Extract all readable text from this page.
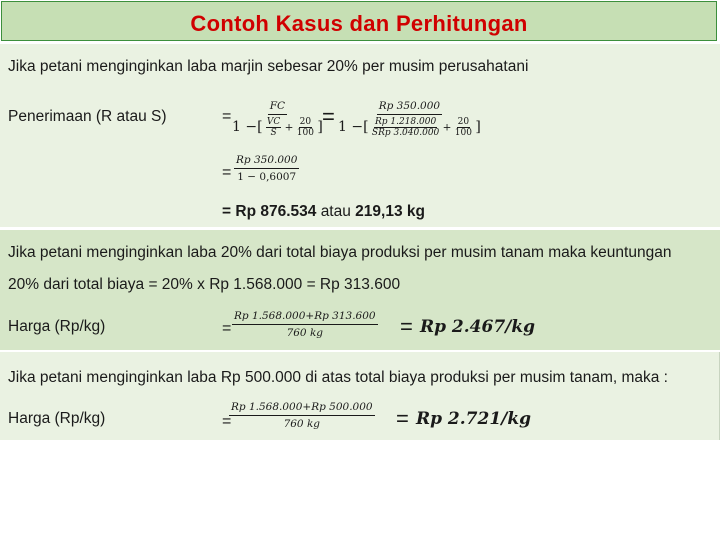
Contoh Kasus dan Perhitungan
Jika petani menginginkan laba marjin sebesar 20% per musim perusahatani
Penerimaan (R atau S)	=
FC
1 −[ $\frac{VC}{S} + \frac{20}{100}$ ] =	Rp 350.000
1 −[ $\frac{Rp 1.218.000}{\text{SRp 3.040.000}} + \frac{20}{100}$ ]
= $\frac{Rp 350.000}{1 - 0,6007}$
= Rp 876.534 atau 219,13 kg
Jika petani menginginkan laba 20% dari total biaya produksi per musim tanam maka keuntungan
20% dari total biaya = 20% x Rp 1.568.000 = Rp 313.600
Harga (Rp/kg)	= $\frac{Rp 1.568.000+Rp 313.600}{760 kg} = Rp$ 2.467/kg
Jika petani menginginkan laba Rp 500.000 di atas total biaya produksi per musim tanam, maka :
Harga (Rp/kg)	=
$\frac{Rp 1.568.000+Rp 500.000}{760 kg} = Rp$ 2.721/kg
